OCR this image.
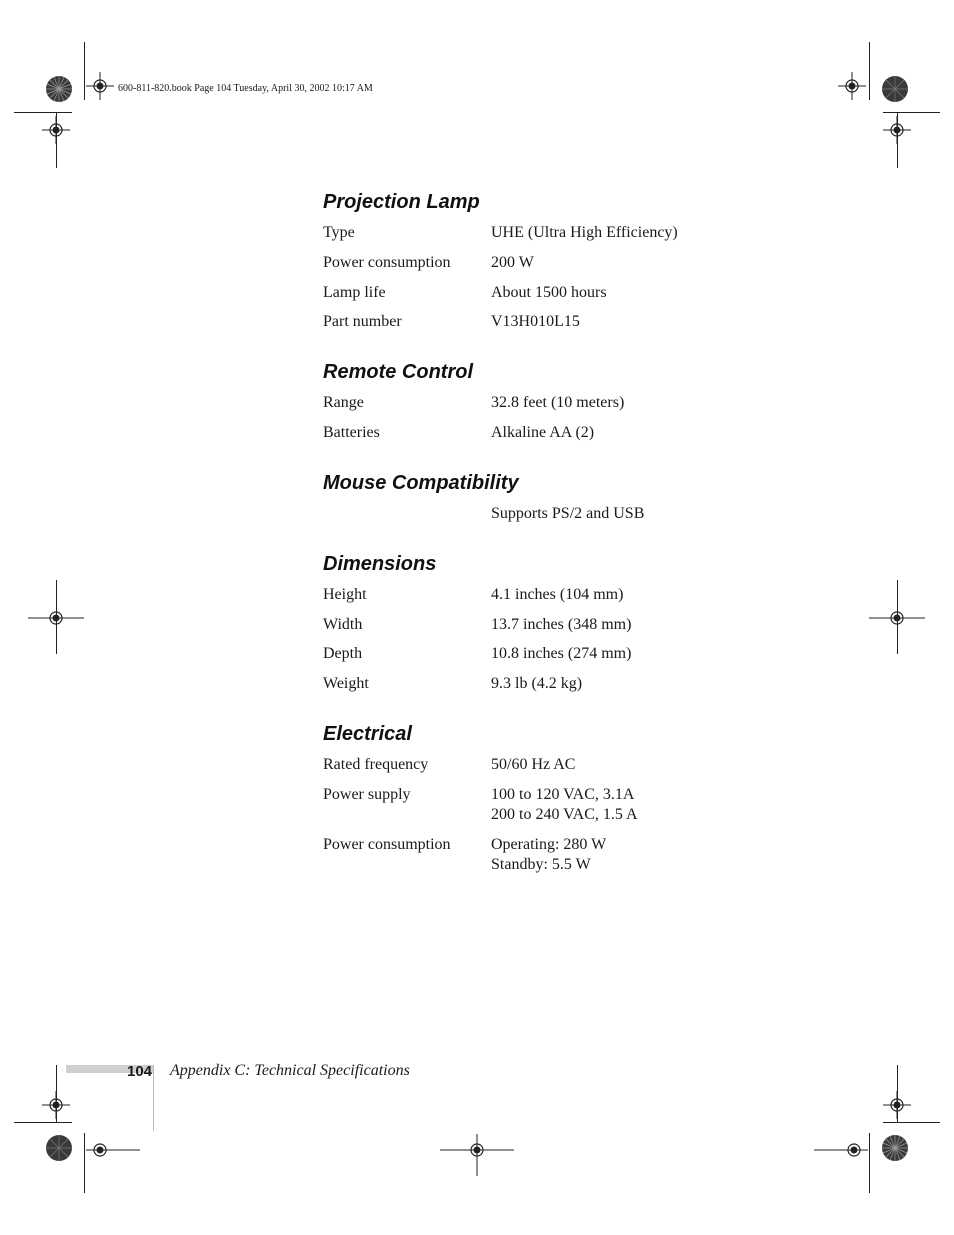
600-811-820.book Page 104 Tuesday, April 30, 2002 10:17 AM
Projection Lamp
Type	UHE (Ultra High Efficiency)
Power consumption	200 W
Lamp life	About 1500 hours
Part number	V13H010L15
Remote Control
Range	32.8 feet (10 meters)
Batteries	Alkaline AA (2)
Mouse Compatibility
Supports PS/2 and USB
Dimensions
Height	4.1 inches (104 mm)
Width	13.7 inches (348 mm)
Depth	10.8 inches (274 mm)
Weight	9.3 lb (4.2 kg)
Electrical
Rated frequency	50/60 Hz AC
Power supply	100 to 120 VAC, 3.1A
200 to 240 VAC, 1.5 A
Power consumption	Operating: 280 W
Standby: 5.5 W
104 Appendix C: Technical Specifications
